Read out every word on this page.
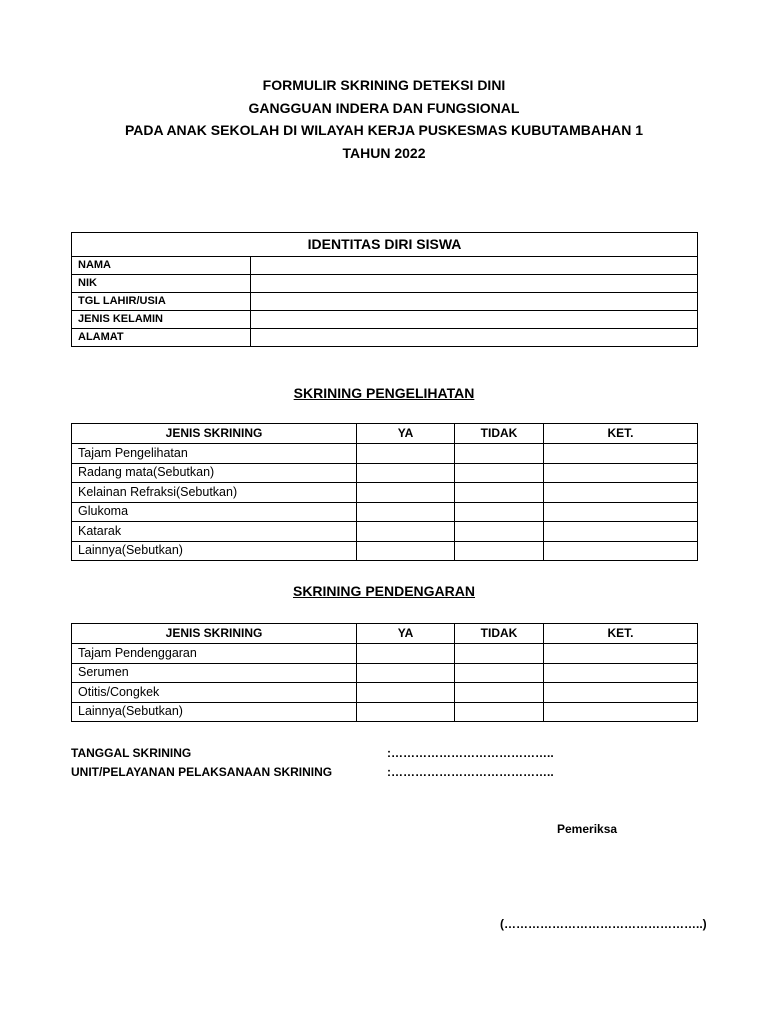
FORMULIR SKRINING DETEKSI DINI
GANGGUAN INDERA DAN FUNGSIONAL
PADA ANAK SEKOLAH DI WILAYAH KERJA PUSKESMAS KUBUTAMBAHAN 1
TAHUN 2022
IDENTITAS DIRI SISWA	
NAMA	
NIK	
TGL LAHIR/USIA	
JENIS KELAMIN	
ALAMAT	
SKRINING PENGELIHATAN
JENIS SKRINING	YA	TIDAK	KET.
Tajam Pengelihatan			
Radang mata(Sebutkan)			
Kelainan Refraksi(Sebutkan)			
Glukoma			
Katarak			
Lainnya(Sebutkan)			
SKRINING PENDENGARAN
JENIS SKRINING	YA	TIDAK	KET.
Tajam Pendenggaran			
Serumen			
Otitis/Congkek			
Lainnya(Sebutkan)			
TANGGAL SKRINING	:…………………………………..
UNIT/PELAYANAN PELAKSANAAN SKRINING	:…………………………………..
Pemeriksa
(…………………………………………..)
